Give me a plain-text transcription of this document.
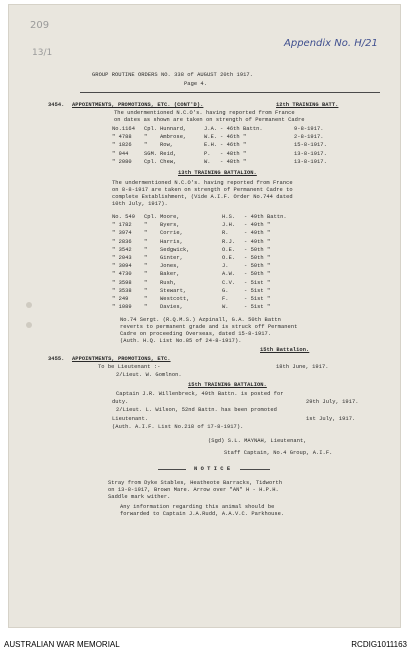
209
13/1
Appendix No. H/21
GROUP ROUTINE ORDERS NO. 338 of AUGUST 20th 1917.
Page 4.
3454. APPOINTMENTS, PROMOTIONS, ETC. (CONT'D).	12th TRAINING BATT.
The undermentioned N.C.O's. having reported from France
on dates as shown are taken on strength of Permanent Cadre
No.1164 Cpl. Hunnard,	J.A. - 46th Battn.	9-8-1917.
" 4788 " Ambrose,	W.E. - 46th "	2-8-1917.
" 1826 " Row,	E.H. - 46th "	15-8-1917.
" 944	SGM. Reid,	P. - 48th "	13-8-1917.
" 2080 Cpl. Chew,	W. - 48th "	13-8-1917.
13th TRAINING BATTALION.
The undermentioned N.C.O's. having reported from France
on 8-8-1917 are taken on strength of Permanent Cadre to
complete Establishment, (Vide A.I.F. Order No.744 dated
10th July, 1917).
No. 549 Cpl. Moore,	H.S. - 49th Battn.
" 1782 " Byers,	J.H. - 49th "
" 3974 " Corrie,	R.	- 49th "
" 2836 " Harris,	R.J. - 49th "
" 3542 " Sedgwick,	O.E. - 50th "
" 2043 " Ginter,	O.E. - 50th "
" 3094 " Jones,	J.	- 50th "
" 4730 " Baker,	A.W. - 50th "
" 3598 " Rush,	C.V. - 51st "
" 3538 " Stewart,	G.	- 51st "
" 249	" Westcott,	F.	- 51st "
" 1089 " Davies,	W.	- 51st "
No.74 Sergt. (R.Q.M.S.) Azpinall, G.A. 50th Battn
reverts to permanent grade and is struck off Permanent
Cadre on proceeding Overseas, dated 15-8-1917.
(Auth. H.Q. List No.85 of 24-8-1917).
15th Battalion.
3455. APPOINTMENTS, PROMOTIONS, ETC.
To be Lieutenant :-	18th June, 1917.
2/Lieut. W. Gomlnon.
15th TRAINING BATTALION.
Captain J.R. Willenbreck, 49th Battn. is posted for
duty.	29th July, 1917.
2/Lieut. L. Wilson, 52nd Battn. has been promoted
Lieutenant.	1st July, 1917.
(Auth. A.I.F. List No.218 of 17-8-1917).
(Sgd) S.L. MAYNAH, Lieutenant,
Staff Captain, No.4 Group, A.I.F.
N O T I C E
Stray from Dyke Stables, Heatheote Barracks, Tidworth
on 13-8-1917, Brown Mare. Arrow over "AN" H - H.P.H.
Saddle mark wither.
Any information regarding this animal should be
forwarded to Captain J.A.Rudd, A.A.V.C. Parkhouse.
AUSTRALIAN WAR MEMORIAL	RCDIG1011163
